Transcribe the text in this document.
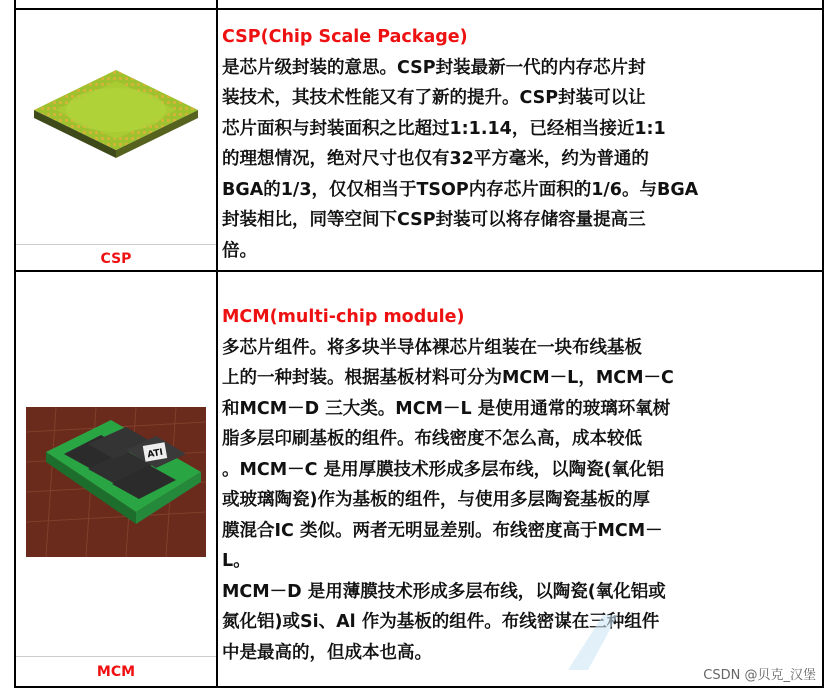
CSP
CSP(Chip Scale Package)
是芯片级封装的意思。CSP封装最新一代的内存芯片封
装技术，其技术性能又有了新的提升。CSP封装可以让
芯片面积与封装面积之比超过1:1.14，已经相当接近1:1
的理想情况，绝对尺寸也仅有32平方毫米，约为普通的
BGA的1/3，仅仅相当于TSOP内存芯片面积的1/6。与BGA
封装相比，同等空间下CSP封装可以将存储容量提高三
倍。
ATI
MCM
MCM(multi-chip module)
多芯片组件。将多块半导体裸芯片组装在一块布线基板
上的一种封装。根据基板材料可分为MCM－L，MCM－C
和MCM－D 三大类。MCM－L 是使用通常的玻璃环氧树
脂多层印刷基板的组件。布线密度不怎么高，成本较低
。MCM－C 是用厚膜技术形成多层布线，以陶瓷(氧化铝
或玻璃陶瓷)作为基板的组件，与使用多层陶瓷基板的厚
膜混合IC 类似。两者无明显差别。布线密度高于MCM－
L。
MCM－D 是用薄膜技术形成多层布线，以陶瓷(氧化铝或
氮化铝)或Si、Al 作为基板的组件。布线密谋在三种组件
中是最高的，但成本也高。
CSDN @贝克_汉堡
